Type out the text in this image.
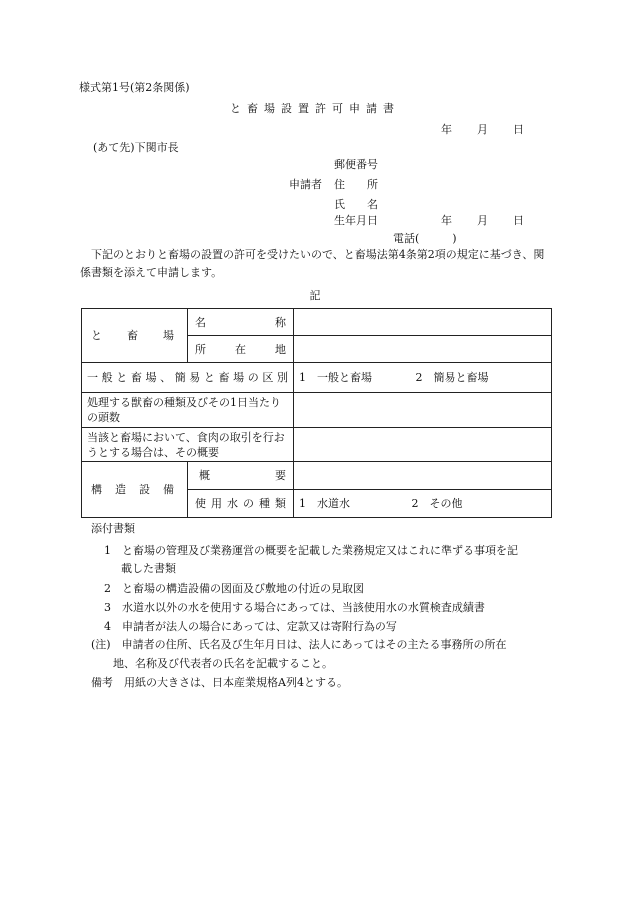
様式第1号(第2条関係)
と畜場設置許可申請書
年 月 日
(あて先)下関市長
郵便番号
申請者 住　　所
氏　　名
生年月日	年 月 日
電話(　　　)
下記のとおりと畜場の設置の許可を受けたいので、と畜場法第4条第2項の規定に基づき、関係書類を添えて申請します。
記
と畜場	名称	

	所在地	

一般と畜場、簡易と畜場の区別		1　一般と畜場 2　簡易と畜場
処理する獣畜の種類及びその1日当たりの頭数		
当該と畜場において、食肉の取引を行おうとする場合は、その概要		

構造設備	概要	

	使用水の種類	1　水道水 2　その他
添付書類
1　と畜場の管理及び業務運営の概要を記載した業務規定又はこれに準ずる事項を記
載した書類
2　と畜場の構造設備の図面及び敷地の付近の見取図
3　水道水以外の水を使用する場合にあっては、当該使用水の水質検査成績書
4　申請者が法人の場合にあっては、定款又は寄附行為の写
(注)　申請者の住所、氏名及び生年月日は、法人にあってはその主たる事務所の所在
地、名称及び代表者の氏名を記載すること。
備考　用紙の大きさは、日本産業規格A列4とする。
